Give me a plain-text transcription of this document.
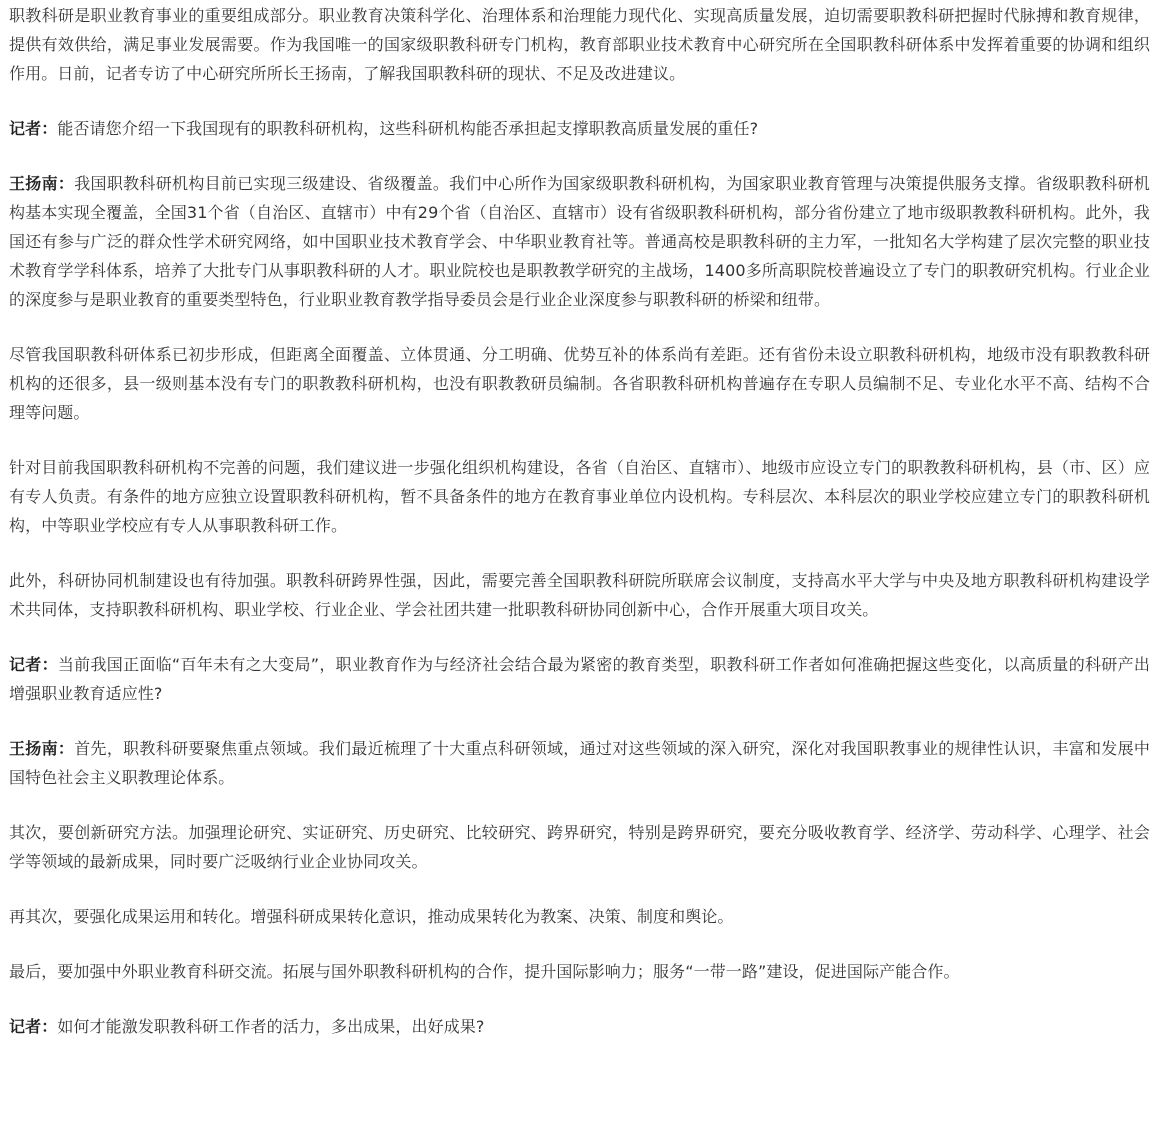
职教科研是职业教育事业的重要组成部分。职业教育决策科学化、治理体系和治理能力现代化、实现高质量发展，迫切需要职教科研把握时代脉搏和教育规律，提供有效供给，满足事业发展需要。作为我国唯一的国家级职教科研专门机构，教育部职业技术教育中心研究所在全国职教科研体系中发挥着重要的协调和组织作用。日前，记者专访了中心研究所所长王扬南，了解我国职教科研的现状、不足及改进建议。

记者：能否请您介绍一下我国现有的职教科研机构，这些科研机构能否承担起支撑职教高质量发展的重任?

王扬南：我国职教科研机构目前已实现三级建设、省级覆盖。我们中心所作为国家级职教科研机构，为国家职业教育管理与决策提供服务支撑。省级职教科研机构基本实现全覆盖，全国31个省（自治区、直辖市）中有29个省（自治区、直辖市）设有省级职教科研机构，部分省份建立了地市级职教教科研机构。此外，我国还有参与广泛的群众性学术研究网络，如中国职业技术教育学会、中华职业教育社等。普通高校是职教科研的主力军，一批知名大学构建了层次完整的职业技术教育学学科体系，培养了大批专门从事职教科研的人才。职业院校也是职教教学研究的主战场，1400多所高职院校普遍设立了专门的职教研究机构。行业企业的深度参与是职业教育的重要类型特色，行业职业教育教学指导委员会是行业企业深度参与职教科研的桥梁和纽带。

尽管我国职教科研体系已初步形成，但距离全面覆盖、立体贯通、分工明确、优势互补的体系尚有差距。还有省份未设立职教科研机构，地级市没有职教教科研机构的还很多，县一级则基本没有专门的职教教科研机构，也没有职教教研员编制。各省职教科研机构普遍存在专职人员编制不足、专业化水平不高、结构不合理等问题。

针对目前我国职教科研机构不完善的问题，我们建议进一步强化组织机构建设，各省（自治区、直辖市）、地级市应设立专门的职教教科研机构，县（市、区）应有专人负责。有条件的地方应独立设置职教科研机构，暂不具备条件的地方在教育事业单位内设机构。专科层次、本科层次的职业学校应建立专门的职教科研机构，中等职业学校应有专人从事职教科研工作。

此外，科研协同机制建设也有待加强。职教科研跨界性强，因此，需要完善全国职教科研院所联席会议制度，支持高水平大学与中央及地方职教科研机构建设学术共同体，支持职教科研机构、职业学校、行业企业、学会社团共建一批职教科研协同创新中心，合作开展重大项目攻关。

记者：当前我国正面临“百年未有之大变局”，职业教育作为与经济社会结合最为紧密的教育类型，职教科研工作者如何准确把握这些变化，以高质量的科研产出增强职业教育适应性?

王扬南：首先，职教科研要聚焦重点领域。我们最近梳理了十大重点科研领域，通过对这些领域的深入研究，深化对我国职教事业的规律性认识，丰富和发展中国特色社会主义职教理论体系。

其次，要创新研究方法。加强理论研究、实证研究、历史研究、比较研究、跨界研究，特别是跨界研究，要充分吸收教育学、经济学、劳动科学、心理学、社会学等领域的最新成果，同时要广泛吸纳行业企业协同攻关。

再其次，要强化成果运用和转化。增强科研成果转化意识，推动成果转化为教案、决策、制度和舆论。

最后，要加强中外职业教育科研交流。拓展与国外职教科研机构的合作，提升国际影响力；服务“一带一路”建设，促进国际产能合作。

记者：如何才能激发职教科研工作者的活力，多出成果，出好成果?
